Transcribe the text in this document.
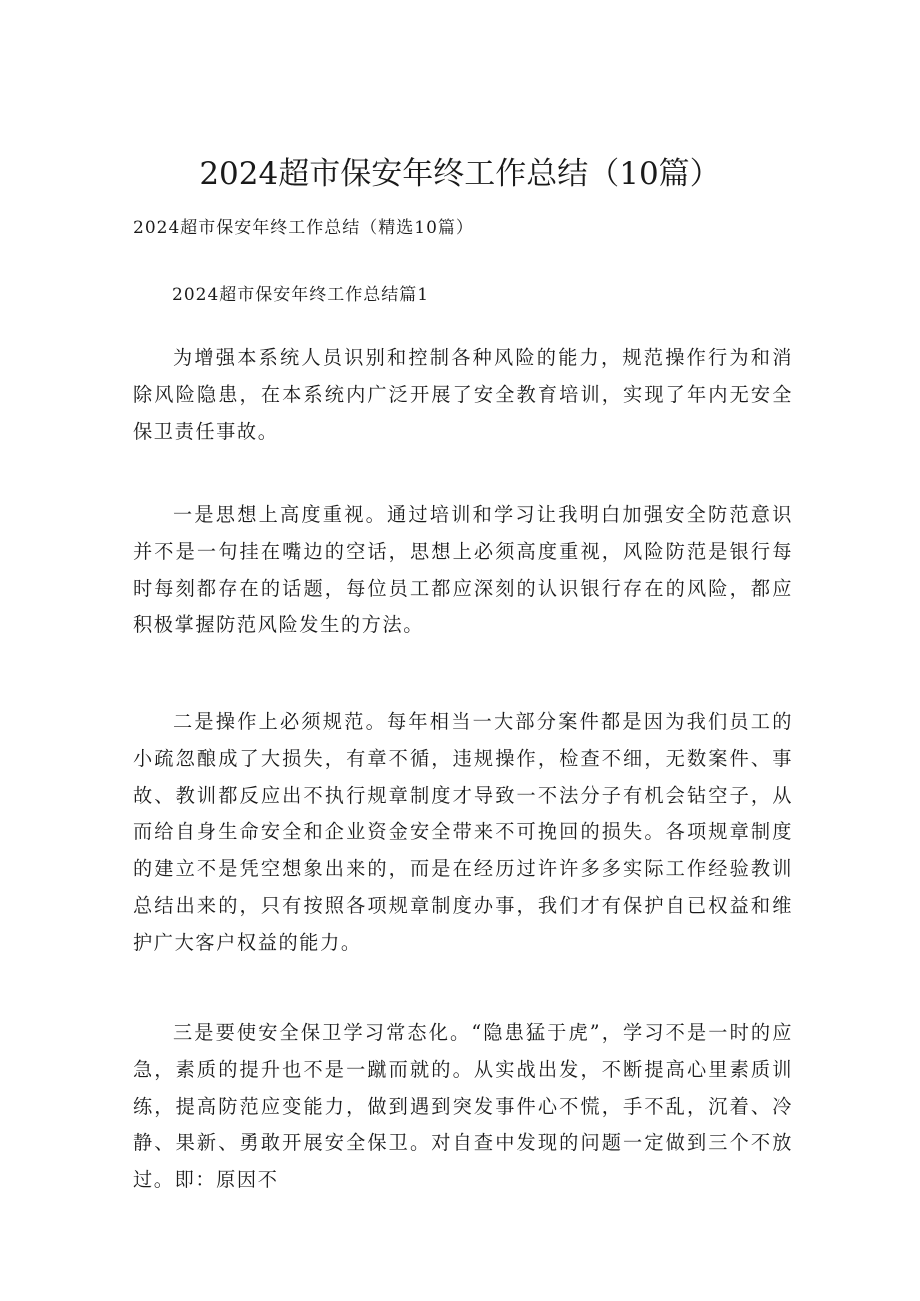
2024超市保安年终工作总结（10篇）

2024超市保安年终工作总结（精选10篇）

2024超市保安年终工作总结篇1

为增强本系统人员识别和控制各种风险的能力，规范操作行为和消除风险隐患，在本系统内广泛开展了安全教育培训，实现了年内无安全保卫责任事故。

一是思想上高度重视。通过培训和学习让我明白加强安全防范意识并不是一句挂在嘴边的空话，思想上必须高度重视，风险防范是银行每时每刻都存在的话题，每位员工都应深刻的认识银行存在的风险，都应积极掌握防范风险发生的方法。

二是操作上必须规范。每年相当一大部分案件都是因为我们员工的小疏忽酿成了大损失，有章不循，违规操作，检查不细，无数案件、事故、教训都反应出不执行规章制度才导致一不法分子有机会钻空子，从而给自身生命安全和企业资金安全带来不可挽回的损失。各项规章制度的建立不是凭空想象出来的，而是在经历过许许多多实际工作经验教训总结出来的，只有按照各项规章制度办事，我们才有保护自已权益和维护广大客户权益的能力。

三是要使安全保卫学习常态化。“隐患猛于虎”，学习不是一时的应急，素质的提升也不是一蹴而就的。从实战出发，不断提高心里素质训练，提高防范应变能力，做到遇到突发事件心不慌，手不乱，沉着、冷静、果新、勇敢开展安全保卫。对自查中发现的问题一定做到三个不放过。即：原因不
